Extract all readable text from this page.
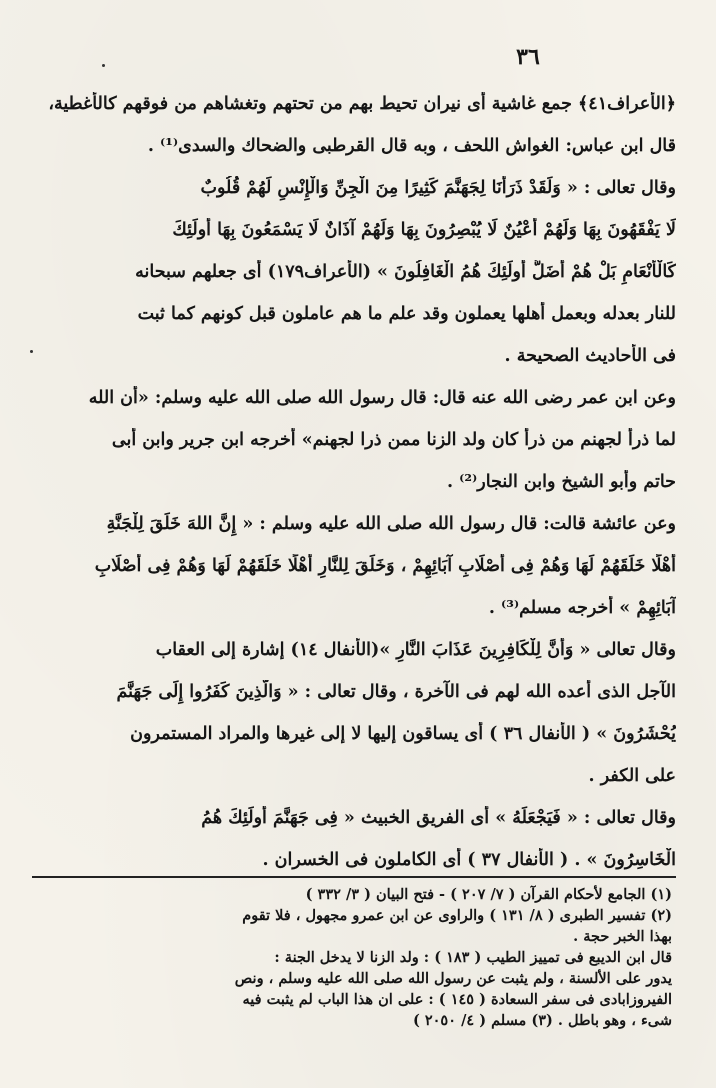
٣٦
﴿الأعراف٤١﴾ جمع غاشية أى نيران تحيط بهم من تحتهم وتغشاهم من فوقهم كالأغطية،
قال ابن عباس: الغواش اللحف ، وبه قال القرطبى والضحاك والسدى⁽¹⁾ .
وقال تعالى : « وَلَقَدْ ذَرَأْنَا لِجَهَنَّمَ كَثِيرًا مِنَ الْجِنِّ وَالْإِنْسِ لَهُمْ قُلُوبٌ
لَا يَفْقَهُونَ بِهَا وَلَهُمْ أَعْيُنٌ لَا يُبْصِرُونَ بِهَا وَلَهُمْ آذَانٌ لَا يَسْمَعُونَ بِهَا أُولَئِكَ
كَالْأَنْعَامِ بَلْ هُمْ أَضَلُّ أُولَئِكَ هُمُ الْغَافِلُونَ » (الأعراف١٧٩) أى جعلهم سبحانه
للنار بعدله وبعمل أهلها يعملون وقد علم ما هم عاملون قبل كونهم كما ثبت
فى الأحاديث الصحيحة .
وعن ابن عمر رضى الله عنه قال: قال رسول الله صلى الله عليه وسلم: «أن الله
لما ذرأ لجهنم من ذرأ كان ولد الزنا ممن ذرا لجهنم» أخرجه ابن جرير وابن أبى
حاتم وأبو الشيخ وابن النجار⁽²⁾ .
وعن عائشة قالت: قال رسول الله صلى الله عليه وسلم : « إِنَّ اللهَ خَلَقَ لِلْجَنَّةِ
أَهْلًا خَلَقَهُمْ لَهَا وَهُمْ فِى أَصْلَابِ آبَائِهِمْ ، وَخَلَقَ لِلنَّارِ أَهْلًا خَلَقَهُمْ لَهَا وَهُمْ فِى أَصْلَابِ
آبَائِهِمْ » أخرجه مسلم⁽³⁾ .
وقال تعالى « وَأَنَّ لِلْكَافِرِينَ عَذَابَ النَّارِ »(الأنفال ١٤) إشارة إلى العقاب
الآجل الذى أعده الله لهم فى الآخرة ، وقال تعالى : « وَالَّذِينَ كَفَرُوا إِلَى جَهَنَّمَ
يُحْشَرُونَ » ( الأنفال ٣٦ ) أى يساقون إليها لا إلى غيرها والمراد المستمرون
على الكفر .
وقال تعالى : « فَيَجْعَلَهُ » أى الفريق الخبيث « فِى جَهَنَّمَ أُولَئِكَ هُمُ
الْخَاسِرُونَ » . ( الأنفال ٣٧ ) أى الكاملون فى الخسران .
(١) الجامع لأحكام القرآن ( ٧/ ٢٠٧ ) - فتح البيان ( ٣/ ٣٣٢ )
(٢) تفسير الطبرى ( ٨/ ١٣١ ) والراوى عن ابن عمرو مجهول ، فلا تقوم
بهذا الخبر حجة .
قال ابن الديبع فى تمييز الطيب ( ١٨٣ ) : ولد الزنا لا يدخل الجنة :
يدور على الألسنة ، ولم يثبت عن رسول الله صلى الله عليه وسلم ، ونص
الفيروزابادى فى سفر السعادة ( ١٤٥ ) : على ان هذا الباب لم يثبت فيه
شىء ، وهو باطل . (٣) مسلم ( ٤/ ٢٠٥٠ )
